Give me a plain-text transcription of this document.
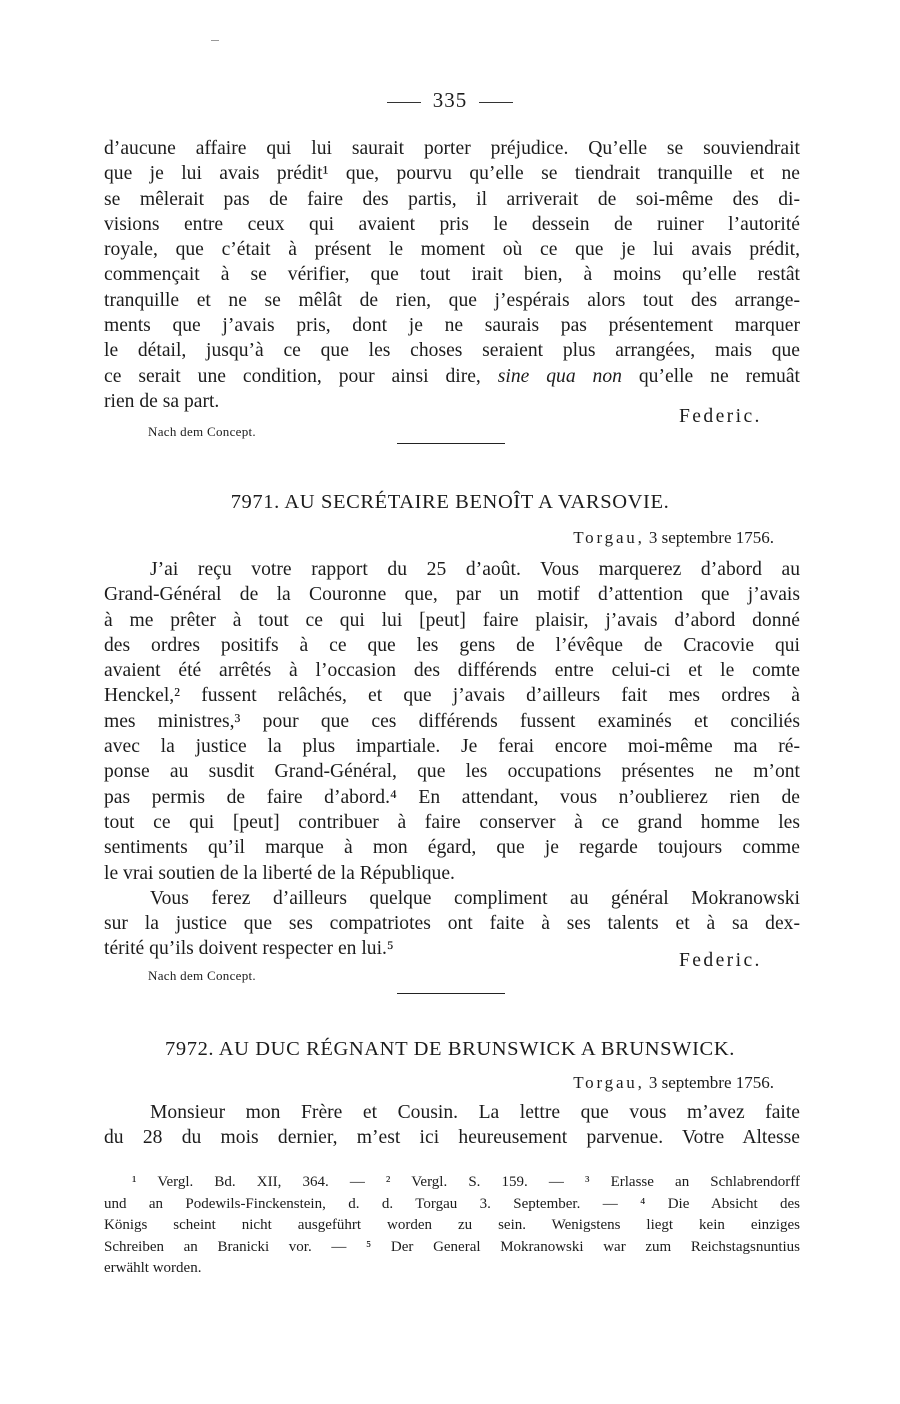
335
d’aucune affaire qui lui saurait porter préjudice. Qu’elle se souviendrait
que je lui avais prédit¹ que, pourvu qu’elle se tiendrait tranquille et ne
se mêlerait pas de faire des partis, il arriverait de soi-même des di-
visions entre ceux qui avaient pris le dessein de ruiner l’autorité
royale, que c’était à présent le moment où ce que je lui avais prédit,
commençait à se vérifier, que tout irait bien, à moins qu’elle restât
tranquille et ne se mêlât de rien, que j’espérais alors tout des arrange-
ments que j’avais pris, dont je ne saurais pas présentement marquer
le détail, jusqu’à ce que les choses seraient plus arrangées, mais que
ce serait une condition, pour ainsi dire, sine qua non qu’elle ne remuât
rien de sa part.
Federic.
Nach dem Concept.
7971. AU SECRÉTAIRE BENOÎT A VARSOVIE.
Torgau, 3 septembre 1756.
J’ai reçu votre rapport du 25 d’août. Vous marquerez d’abord au
Grand-Général de la Couronne que, par un motif d’attention que j’avais
à me prêter à tout ce qui lui [peut] faire plaisir, j’avais d’abord donné
des ordres positifs à ce que les gens de l’évêque de Cracovie qui
avaient été arrêtés à l’occasion des différends entre celui-ci et le comte
Henckel,² fussent relâchés, et que j’avais d’ailleurs fait mes ordres à
mes ministres,³ pour que ces différends fussent examinés et conciliés
avec la justice la plus impartiale. Je ferai encore moi-même ma ré-
ponse au susdit Grand-Général, que les occupations présentes ne m’ont
pas permis de faire d’abord.⁴ En attendant, vous n’oublierez rien de
tout ce qui [peut] contribuer à faire conserver à ce grand homme les
sentiments qu’il marque à mon égard, que je regarde toujours comme
le vrai soutien de la liberté de la République.
Vous ferez d’ailleurs quelque compliment au général Mokranowski
sur la justice que ses compatriotes ont faite à ses talents et à sa dex-
térité qu’ils doivent respecter en lui.⁵
Federic.
Nach dem Concept.
7972. AU DUC RÉGNANT DE BRUNSWICK A BRUNSWICK.
Torgau, 3 septembre 1756.
Monsieur mon Frère et Cousin. La lettre que vous m’avez faite
du 28 du mois dernier, m’est ici heureusement parvenue. Votre Altesse
¹ Vergl. Bd. XII, 364. — ² Vergl. S. 159. — ³ Erlasse an Schlabrendorff
und an Podewils-Finckenstein, d. d. Torgau 3. September. — ⁴ Die Absicht des
Königs scheint nicht ausgeführt worden zu sein. Wenigstens liegt kein einziges
Schreiben an Branicki vor. — ⁵ Der General Mokranowski war zum Reichstagsnuntius
erwählt worden.
